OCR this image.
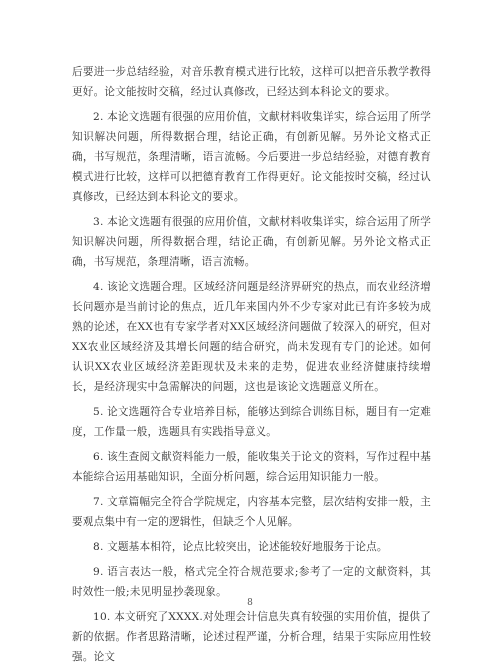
后要进一步总结经验，对音乐教育模式进行比较，这样可以把音乐教学教得更好。论文能按时交稿，经过认真修改，已经达到本科论文的要求。

2. 本论文选题有很强的应用价值，文献材料收集详实，综合运用了所学知识解决问题，所得数据合理，结论正确，有创新见解。另外论文格式正确，书写规范，条理清晰，语言流畅。今后要进一步总结经验，对德育教育模式进行比较，这样可以把德育教育工作得更好。论文能按时交稿，经过认真修改，已经达到本科论文的要求。

3. 本论文选题有很强的应用价值，文献材料收集详实，综合运用了所学知识解决问题，所得数据合理，结论正确，有创新见解。另外论文格式正确，书写规范，条理清晰，语言流畅。

4. 该论文选题合理。区域经济问题是经济界研究的热点，而农业经济增长问题亦是当前讨论的焦点，近几年来国内外不少专家对此已有许多较为成熟的论述，在XX也有专家学者对XX区域经济问题做了较深入的研究，但对XX农业区域经济及其增长问题的结合研究，尚未发现有专门的论述。如何认识XX农业区域经济差距现状及未来的走势，促进农业经济健康持续增长，是经济现实中急需解决的问题，这也是该论文选题意义所在。

5. 论文选题符合专业培养目标，能够达到综合训练目标，题目有一定难度，工作量一般，选题具有实践指导意义。

6. 该生查阅文献资料能力一般，能收集关于论文的资料，写作过程中基本能综合运用基础知识，全面分析问题，综合运用知识能力一般。

7. 文章篇幅完全符合学院规定，内容基本完整，层次结构安排一般，主要观点集中有一定的逻辑性，但缺乏个人见解。

8. 文题基本相符，论点比较突出，论述能较好地服务于论点。

9. 语言表达一般，格式完全符合规范要求;参考了一定的文献资料，其时效性一般;未见明显抄袭现象。

10. 本文研究了XXXX.对处理会计信息失真有较强的实用价值，提供了新的依据。作者思路清晰，论述过程严谨，分析合理，结果于实际应用性较强。论文

8
